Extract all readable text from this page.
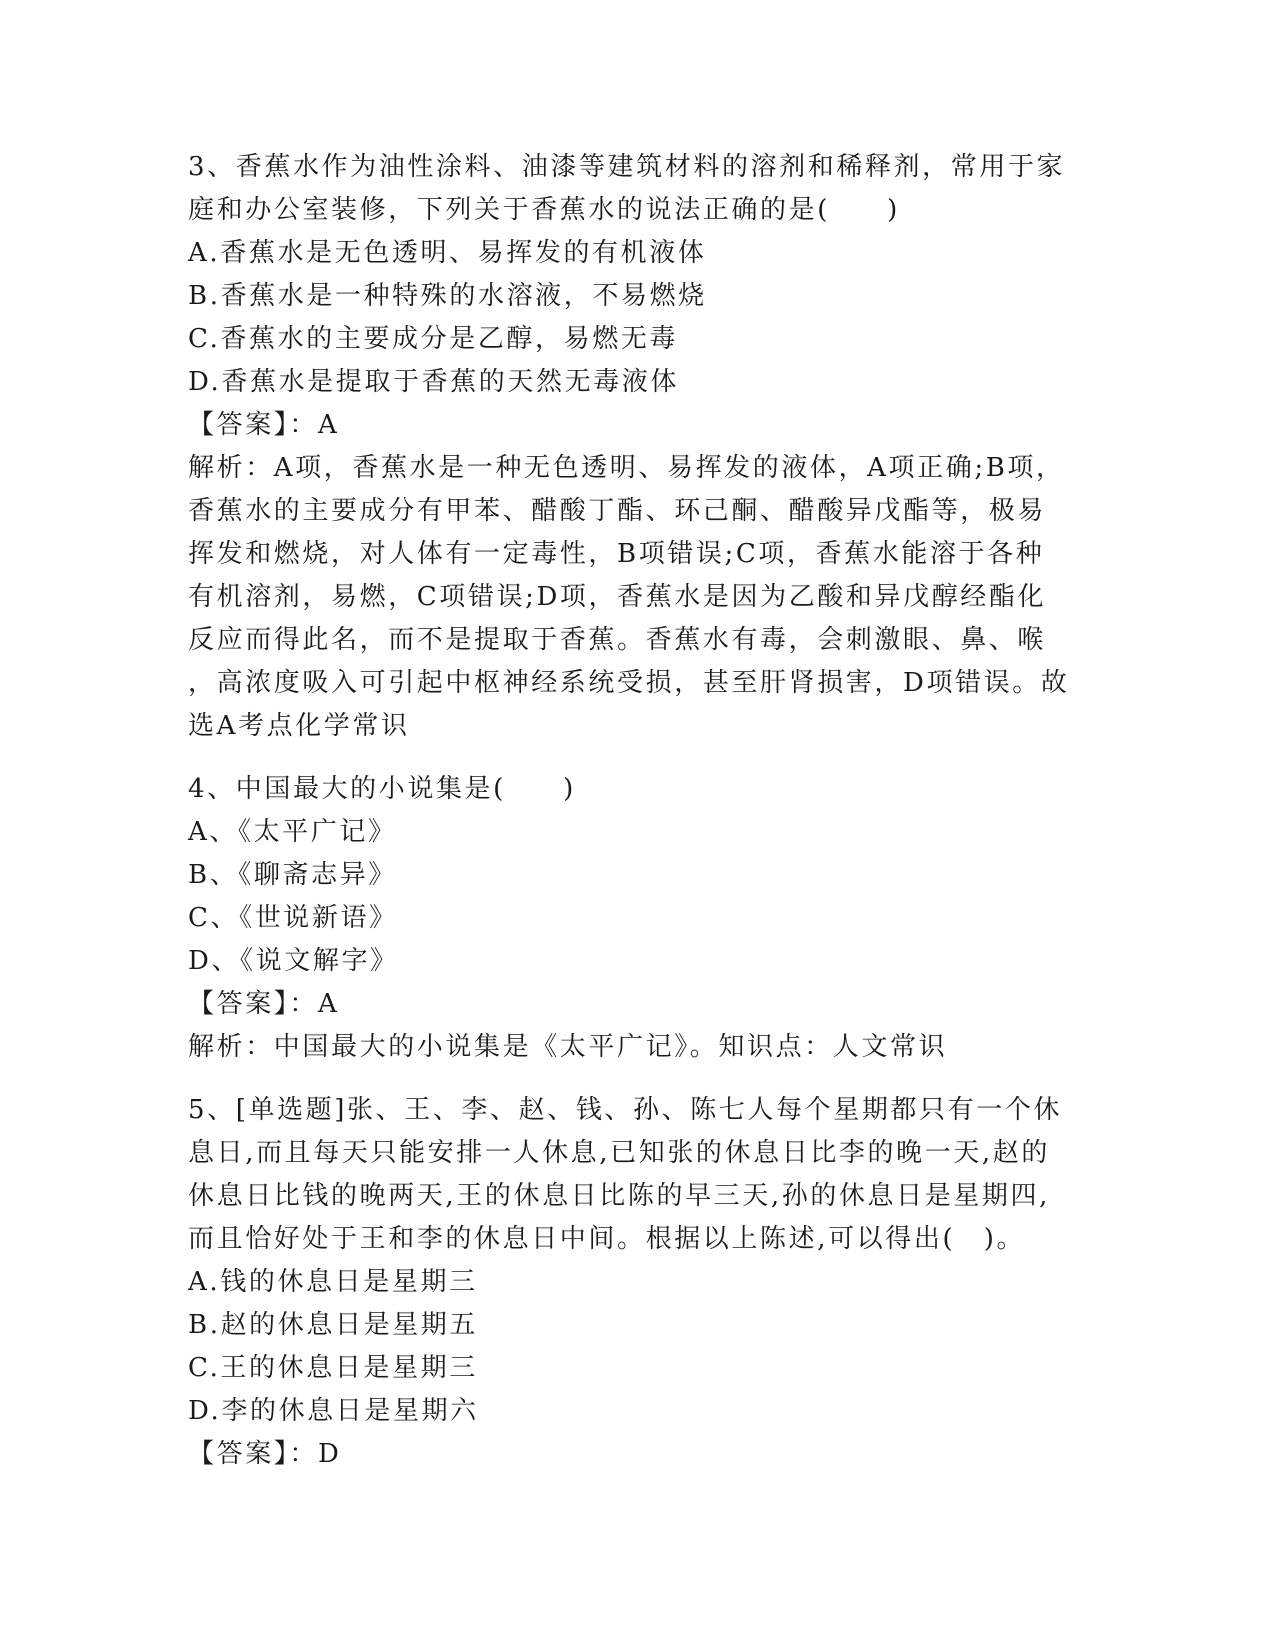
3、香蕉水作为油性涂料、油漆等建筑材料的溶剂和稀释剂，常用于家
庭和办公室装修，下列关于香蕉水的说法正确的是(　　)
A.香蕉水是无色透明、易挥发的有机液体
B.香蕉水是一种特殊的水溶液，不易燃烧
C.香蕉水的主要成分是乙醇，易燃无毒
D.香蕉水是提取于香蕉的天然无毒液体
【答案】：A
解析：A项，香蕉水是一种无色透明、易挥发的液体，A项正确;B项，
香蕉水的主要成分有甲苯、醋酸丁酯、环己酮、醋酸异戊酯等，极易
挥发和燃烧，对人体有一定毒性，B项错误;C项，香蕉水能溶于各种
有机溶剂，易燃，C项错误;D项，香蕉水是因为乙酸和异戊醇经酯化
反应而得此名，而不是提取于香蕉。香蕉水有毒，会刺激眼、鼻、喉
，高浓度吸入可引起中枢神经系统受损，甚至肝肾损害，D项错误。故
选A考点化学常识
4、中国最大的小说集是(　　)
A、《太平广记》
B、《聊斋志异》
C、《世说新语》
D、《说文解字》
【答案】：A
解析：中国最大的小说集是《太平广记》。知识点：人文常识
5、[单选题]张、王、李、赵、钱、孙、陈七人每个星期都只有一个休
息日,而且每天只能安排一人休息,已知张的休息日比李的晚一天,赵的
休息日比钱的晚两天,王的休息日比陈的早三天,孙的休息日是星期四,
而且恰好处于王和李的休息日中间。根据以上陈述,可以得出(　)。
A.钱的休息日是星期三
B.赵的休息日是星期五
C.王的休息日是星期三
D.李的休息日是星期六
【答案】：D
